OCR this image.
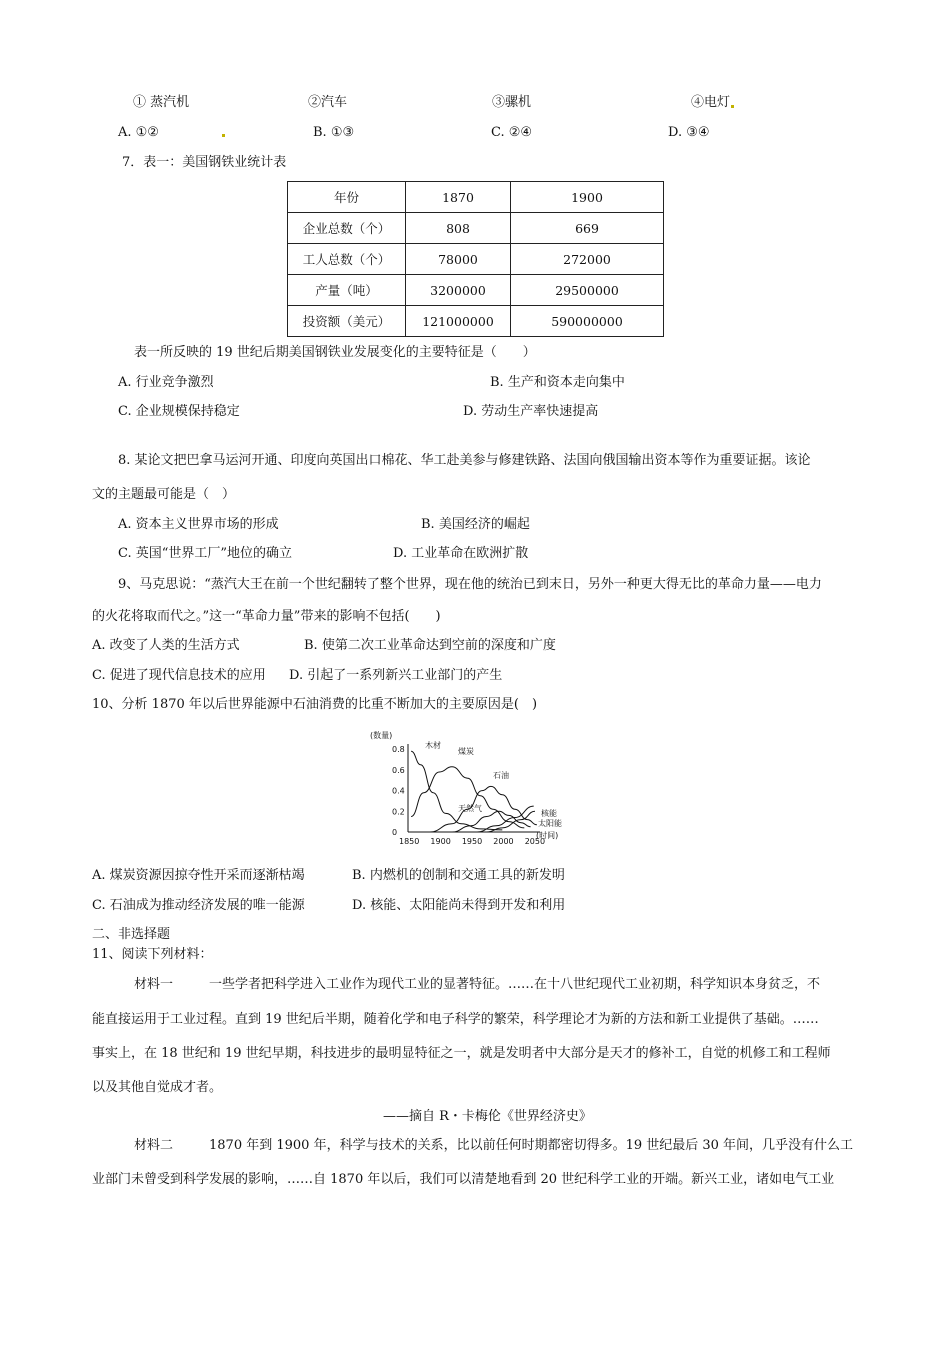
① 蒸汽机	②汽车	③骡机	④电灯
A. ①②	B. ①③	C. ②④	D. ③④
7．表一：美国钢铁业统计表
年份	1870	1900
企业总数（个）	808	669
工人总数（个）	78000	272000
产量（吨）	3200000	29500000
投资额（美元）	121000000	590000000
表一所反映的 19 世纪后期美国钢铁业发展变化的主要特征是（　　）
A. 行业竞争激烈	B. 生产和资本走向集中
C. 企业规模保持稳定	D. 劳动生产率快速提高
8. 某论文把巴拿马运河开通、印度向英国出口棉花、华工赴美参与修建铁路、法国向俄国输出资本等作为重要证据。该论
文的主题最可能是（　）
A. 资本主义世界市场的形成	B. 美国经济的崛起
C. 英国“世界工厂”地位的确立	D. 工业革命在欧洲扩散
9、马克思说：“蒸汽大王在前一个世纪翻转了整个世界，现在他的统治已到末日，另外一种更大得无比的革命力量——电力
的火花将取而代之。”这一“革命力量”带来的影响不包括(　　)
A. 改变了人类的生活方式	B. 使第二次工业革命达到空前的深度和广度
C. 促进了现代信息技术的应用 D. 引起了一系列新兴工业部门的产生
10、分析 1870 年以后世界能源中石油消费的比重不断加大的主要原因是(　)
(数量)
0
0.2
0.4
0.6
0.8
1850 1900 1950 2000 2050
(时间)
木材
煤炭
石油
天然气
核能
太阳能
A. 煤炭资源因掠夺性开采而逐渐枯竭	B. 内燃机的创制和交通工具的新发明
C. 石油成为推动经济发展的唯一能源	D. 核能、太阳能尚未得到开发和利用
二、非选择题
11、阅读下列材料：
材料一	一些学者把科学进入工业作为现代工业的显著特征。……在十八世纪现代工业初期，科学知识本身贫乏，不
能直接运用于工业过程。直到 19 世纪后半期，随着化学和电子科学的繁荣，科学理论才为新的方法和新工业提供了基础。……
事实上，在 18 世纪和 19 世纪早期，科技进步的最明显特征之一，就是发明者中大部分是天才的修补工，自觉的机修工和工程师
以及其他自觉成才者。
——摘自 R・卡梅伦《世界经济史》
材料二	1870 年到 1900 年，科学与技术的关系，比以前任何时期都密切得多。19 世纪最后 30 年间，几乎没有什么工
业部门未曾受到科学发展的影响，……自 1870 年以后，我们可以清楚地看到 20 世纪科学工业的开端。新兴工业，诸如电气工业
